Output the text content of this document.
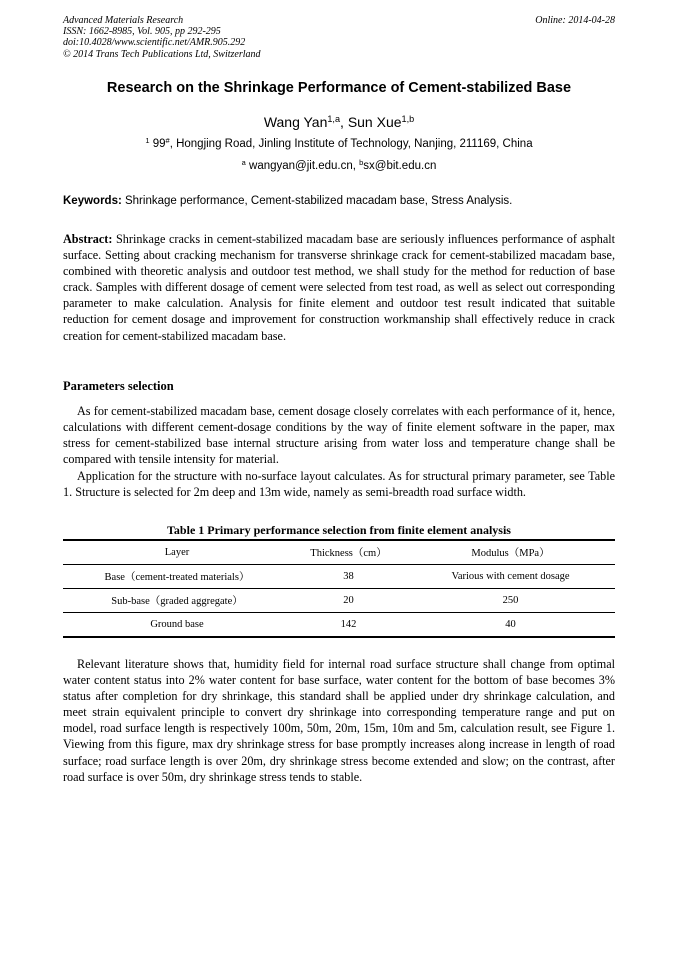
Advanced Materials Research
ISSN: 1662-8985, Vol. 905, pp 292-295
doi:10.4028/www.scientific.net/AMR.905.292
© 2014 Trans Tech Publications Ltd, Switzerland
Online: 2014-04-28
Research on the Shrinkage Performance of Cement-stabilized Base
Wang Yan$^{1,a}$, Sun Xue$^{1,b}$
$^1$ 99#, Hongjing Road, Jinling Institute of Technology, Nanjing, 211169, China
$^a$ wangyan@jit.edu.cn, $^b$sx@bit.edu.cn
Keywords: Shrinkage performance, Cement-stabilized macadam base, Stress Analysis.
Abstract: Shrinkage cracks in cement-stabilized macadam base are seriously influences performance of asphalt surface. Setting about cracking mechanism for transverse shrinkage crack for cement-stabilized macadam base, combined with theoretic analysis and outdoor test method, we shall study for the method for reduction of base crack. Samples with different dosage of cement were selected from test road, as well as select out corresponding parameter to make calculation. Analysis for finite element and outdoor test result indicated that suitable reduction for cement dosage and improvement for construction workmanship shall effectively reduce in crack creation for cement-stabilized macadam base.
Parameters selection
As for cement-stabilized macadam base, cement dosage closely correlates with each performance of it, hence, calculations with different cement-dosage conditions by the way of finite element software in the paper, max stress for cement-stabilized base internal structure arising from water loss and temperature change shall be compared with tensile intensity for material.
Application for the structure with no-surface layout calculates. As for structural primary parameter, see Table 1. Structure is selected for 2m deep and 13m wide, namely as semi-breadth road surface width.
Table 1 Primary performance selection from finite element analysis
Layer	Thickness（cm）	Modulus（MPa）
Base（cement-treated materials）	38	Various with cement dosage
Sub-base（graded aggregate）	20	250
Ground base	142	40
Relevant literature shows that, humidity field for internal road surface structure shall change from optimal water content status into 2% water content for base surface, water content for the bottom of base becomes 3% status after completion for dry shrinkage, this standard shall be applied under dry shrinkage calculation, and meet strain equivalent principle to convert dry shrinkage into corresponding temperature range and put on model, road surface length is respectively 100m, 50m, 20m, 15m, 10m and 5m, calculation result, see Figure 1. Viewing from this figure, max dry shrinkage stress for base promptly increases along increase in length of road surface; road surface length is over 20m, dry shrinkage stress become extended and slow; on the contrast, after road surface is over 50m, dry shrinkage stress tends to stable.
